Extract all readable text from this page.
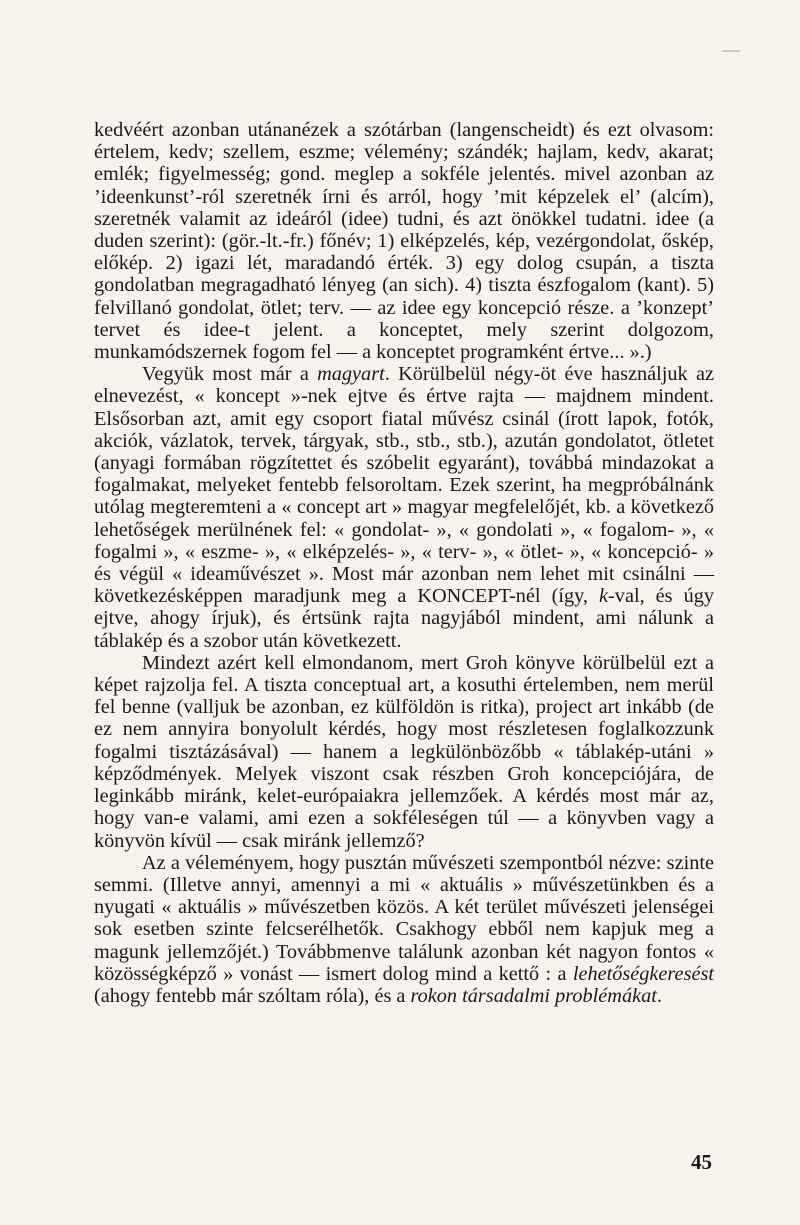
kedvéért azonban utánanézek a szótárban (langenscheidt) és ezt olvasom: értelem, kedv; szellem, eszme; vélemény; szándék; hajlam, kedv, akarat; emlék; figyelmesség; gond. meglep a sokféle jelentés. mivel azonban az ’ideenkunst’-ról szeretnék írni és arról, hogy ’mit képzelek el’ (alcím), szeretnék valamit az ideáról (idee) tudni, és azt önökkel tudatni. idee (a duden szerint): (gör.-lt.-fr.) főnév; 1) elképzelés, kép, vezérgondolat, őskép, előkép. 2) igazi lét, maradandó érték. 3) egy dolog csupán, a tiszta gondolatban megragadható lényeg (an sich). 4) tiszta észfogalom (kant). 5) felvillanó gondolat, ötlet; terv. — az idee egy koncepció része. a ’konzept’ tervet és idee-t jelent. a konceptet, mely szerint dolgozom, munkamódszernek fogom fel — a konceptet programként értve... ».)

Vegyük most már a magyart. Körülbelül négy-öt éve használjuk az elnevezést, « koncept »-nek ejtve és értve rajta — majdnem mindent. Elsősorban azt, amit egy csoport fiatal művész csinál (írott lapok, fotók, akciók, vázlatok, tervek, tárgyak, stb., stb., stb.), azután gondolatot, ötletet (anyagi formában rögzítettet és szóbelit egyaránt), továbbá mindazokat a fogalmakat, melyeket fentebb felsoroltam. Ezek szerint, ha megpróbálnánk utólag megteremteni a « concept art » magyar megfelelőjét, kb. a következő lehetőségek merülnének fel: « gondolat- », « gondolati », « fogalom- », « fogalmi », « eszme- », « elképzelés- », « terv- », « ötlet- », « koncepció- » és végül « ideaművészet ». Most már azonban nem lehet mit csinálni — következésképpen maradjunk meg a KONCEPT-nél (így, k-val, és úgy ejtve, ahogy írjuk), és értsünk rajta nagyjából mindent, ami nálunk a táblakép és a szobor után következett.

Mindezt azért kell elmondanom, mert Groh könyve körülbelül ezt a képet rajzolja fel. A tiszta conceptual art, a kosuthi értelemben, nem merül fel benne (valljuk be azonban, ez külföldön is ritka), project art inkább (de ez nem annyira bonyolult kérdés, hogy most részletesen foglalkozzunk fogalmi tisztázásával) — hanem a legkülönbözőbb « táblakép-utáni » képződmények. Melyek viszont csak részben Groh koncepciójára, de leginkább miránk, kelet-európaiakra jellemzőek. A kérdés most már az, hogy van-e valami, ami ezen a sokféleségen túl — a könyvben vagy a könyvön kívül — csak miránk jellemző?

Az a véleményem, hogy pusztán művészeti szempontból nézve: szinte semmi. (Illetve annyi, amennyi a mi « aktuális » művészetünkben és a nyugati « aktuális » művészetben közös. A két terület művészeti jelenségei sok esetben szinte felcserélhetők. Csakhogy ebből nem kapjuk meg a magunk jellemzőjét.) Továbbmenve találunk azonban két nagyon fontos « közösségképző » vonást — ismert dolog mind a kettő : a lehetőségkeresést (ahogy fentebb már szóltam róla), és a rokon társadalmi problémákat.

45
